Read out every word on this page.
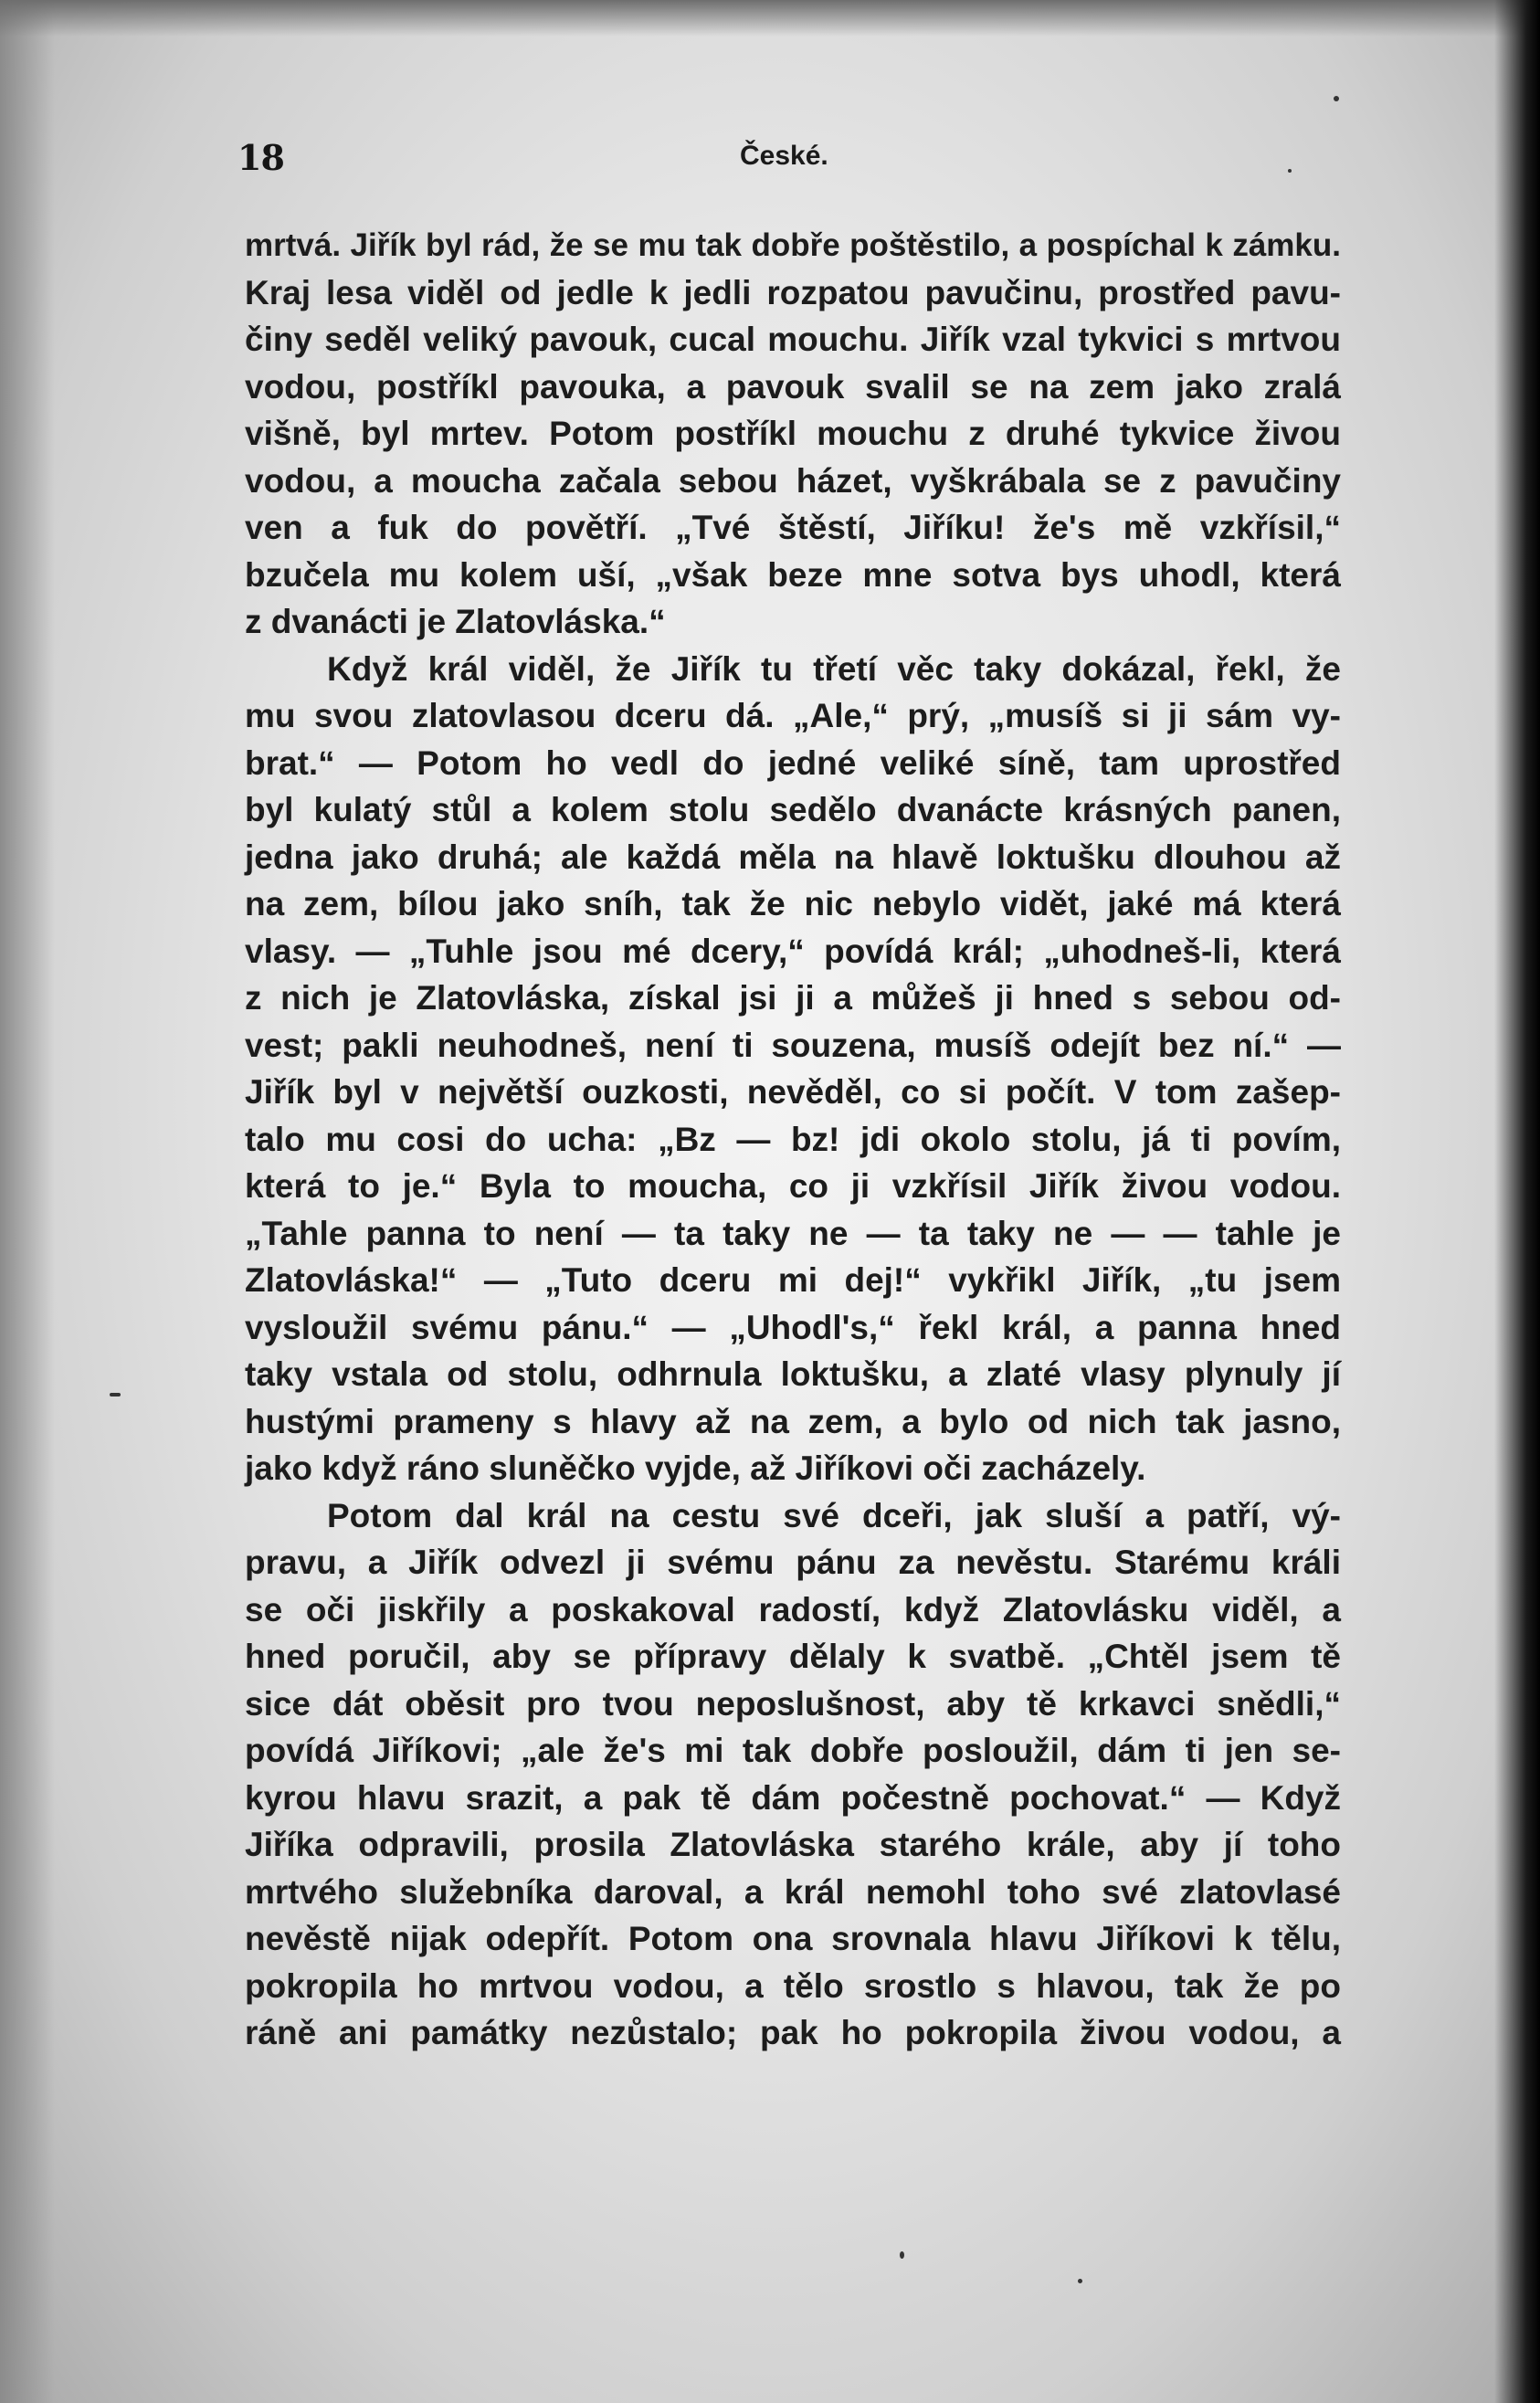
18	České.
mrtvá. Jiřík byl rád, že se mu tak dobře poštěstilo, a pospíchal k zámku.
Kraj lesa viděl od jedle k jedli rozpatou pavučinu, prostřed pavu-
činy seděl veliký pavouk, cucal mouchu. Jiřík vzal tykvici s mrtvou
vodou, postříkl pavouka, a pavouk svalil se na zem jako zralá
višně, byl mrtev. Potom postříkl mouchu z druhé tykvice živou
vodou, a moucha začala sebou házet, vyškrábala se z pavučiny
ven a fuk do povětří. „Tvé štěstí, Jiříku! že's mě vzkřísil,“
bzučela mu kolem uší, „však beze mne sotva bys uhodl, která
z dvanácti je Zlatovláska.“
Když král viděl, že Jiřík tu třetí věc taky dokázal, řekl, že
mu svou zlatovlasou dceru dá. „Ale,“ prý, „musíš si ji sám vy-
brat.“ — Potom ho vedl do jedné veliké síně, tam uprostřed
byl kulatý stůl a kolem stolu sedělo dvanácte krásných panen,
jedna jako druhá; ale každá měla na hlavě loktušku dlouhou až
na zem, bílou jako sníh, tak že nic nebylo vidět, jaké má která
vlasy. — „Tuhle jsou mé dcery,“ povídá král; „uhodneš-li, která
z nich je Zlatovláska, získal jsi ji a můžeš ji hned s sebou od-
vest; pakli neuhodneš, není ti souzena, musíš odejít bez ní.“ —
Jiřík byl v největší ouzkosti, nevěděl, co si počít. V tom zašep-
talo mu cosi do ucha: „Bz — bz! jdi okolo stolu, já ti povím,
která to je.“ Byla to moucha, co ji vzkřísil Jiřík živou vodou.
„Tahle panna to není — ta taky ne — ta taky ne — — tahle je
Zlatovláska!“ — „Tuto dceru mi dej!“ vykřikl Jiřík, „tu jsem
vysloužil svému pánu.“ — „Uhodl's,“ řekl král, a panna hned
taky vstala od stolu, odhrnula loktušku, a zlaté vlasy plynuly jí
hustými prameny s hlavy až na zem, a bylo od nich tak jasno,
jako když ráno sluněčko vyjde, až Jiříkovi oči zacházely.
Potom dal král na cestu své dceři, jak sluší a patří, vý-
pravu, a Jiřík odvezl ji svému pánu za nevěstu. Starému králi
se oči jiskřily a poskakoval radostí, když Zlatovlásku viděl, a
hned poručil, aby se přípravy dělaly k svatbě. „Chtěl jsem tě
sice dát oběsit pro tvou neposlušnost, aby tě krkavci snědli,“
povídá Jiříkovi; „ale že's mi tak dobře posloužil, dám ti jen se-
kyrou hlavu srazit, a pak tě dám počestně pochovat.“ — Když
Jiříka odpravili, prosila Zlatovláska starého krále, aby jí toho
mrtvého služebníka daroval, a král nemohl toho své zlatovlasé
nevěstě nijak odepřít. Potom ona srovnala hlavu Jiříkovi k tělu,
pokropila ho mrtvou vodou, a tělo srostlo s hlavou, tak že po
ráně ani památky nezůstalo; pak ho pokropila živou vodou, a
